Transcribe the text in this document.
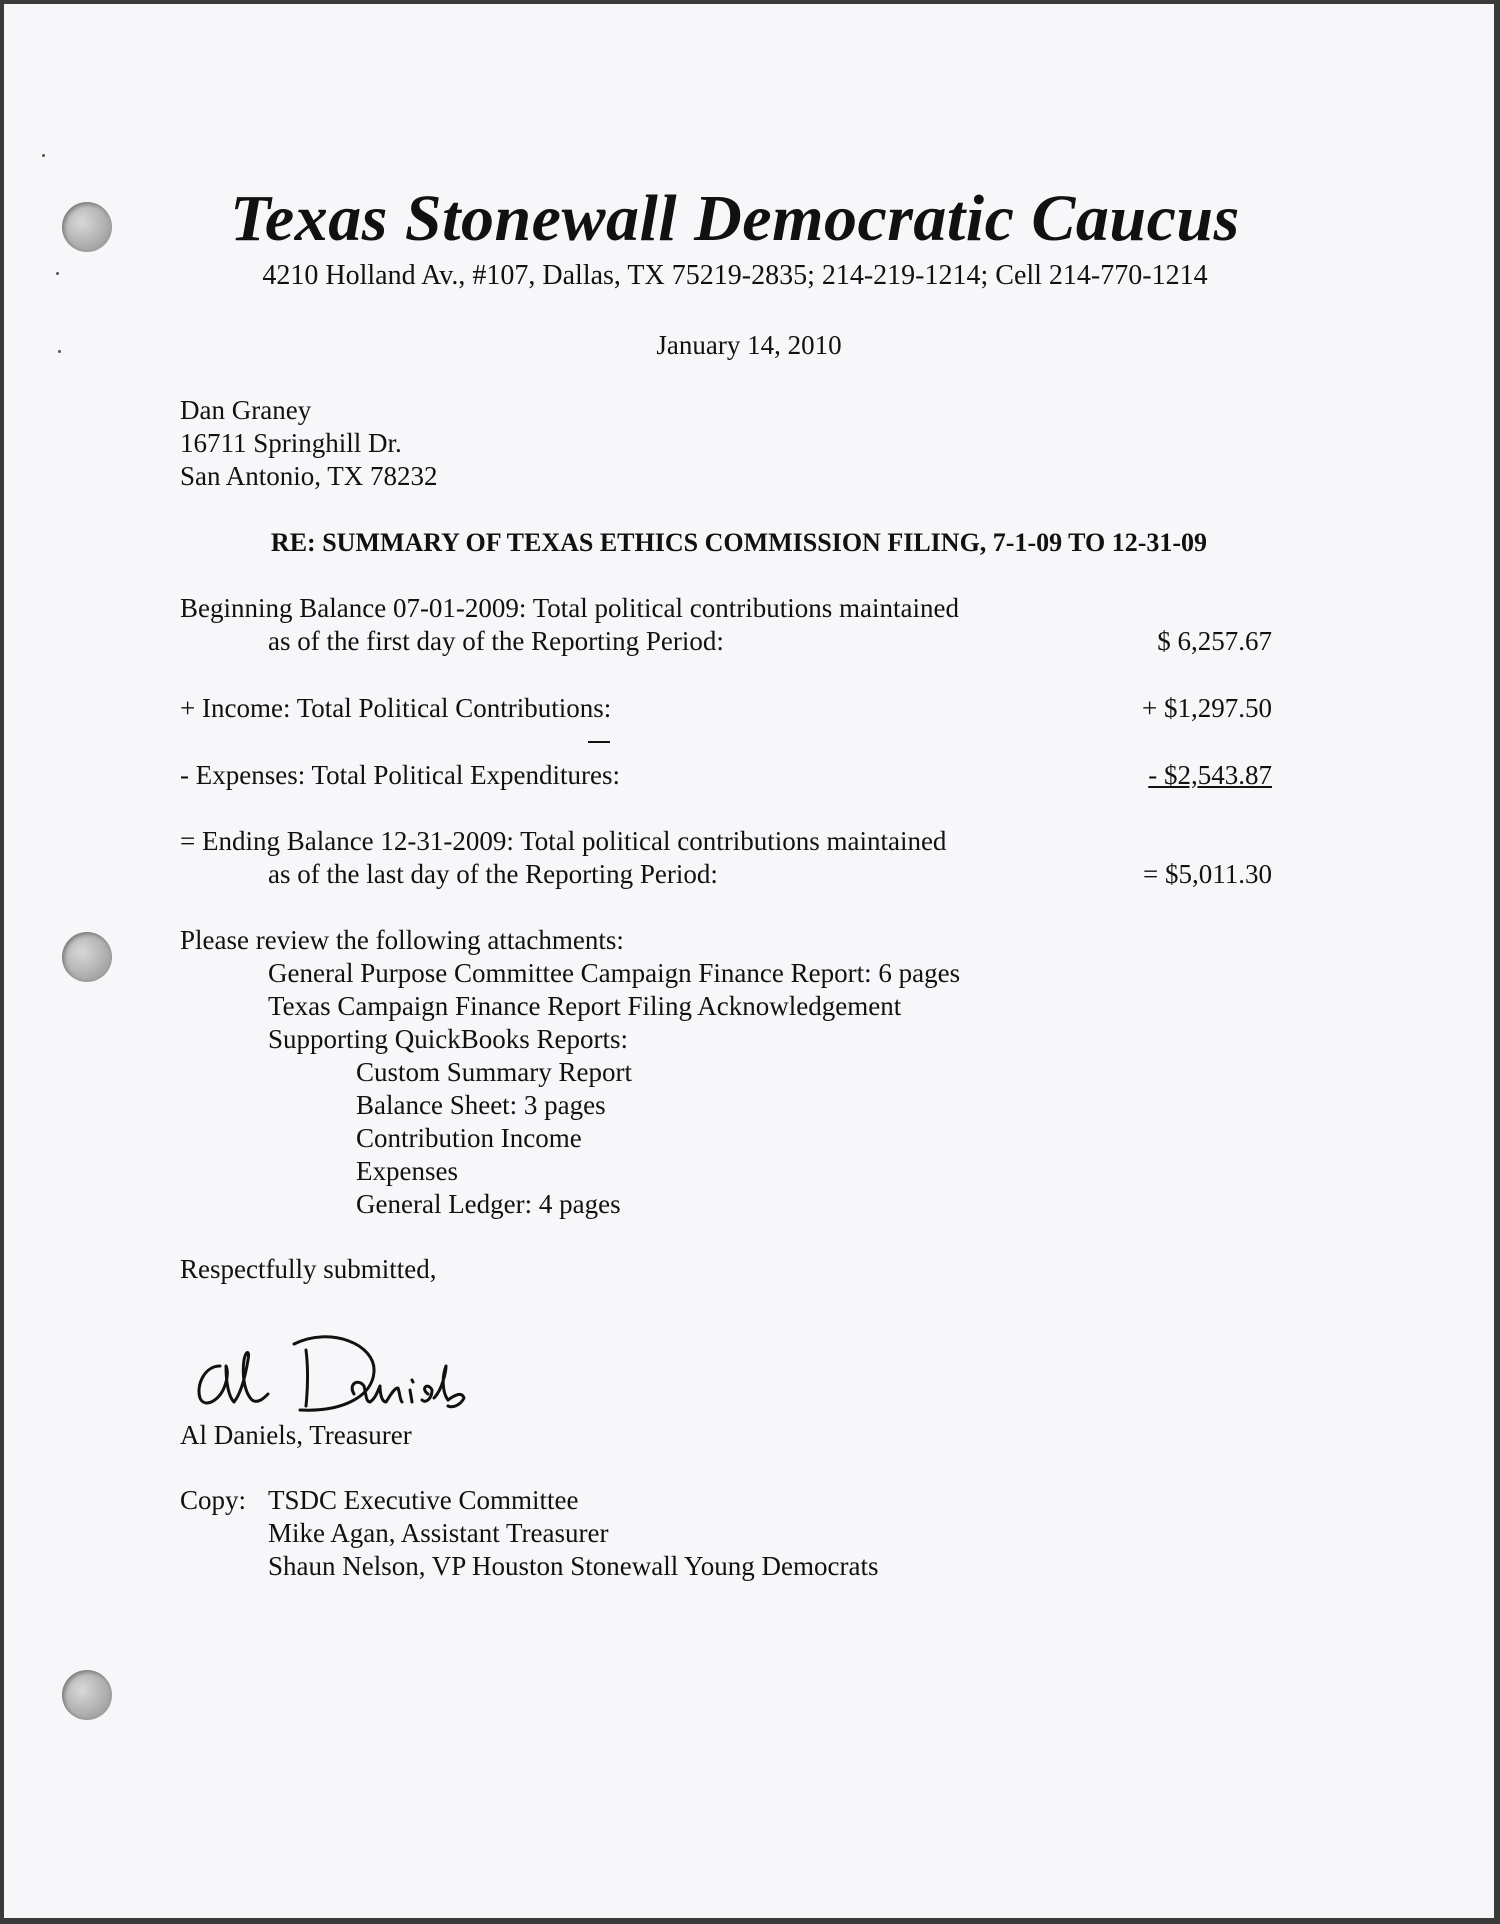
Texas Stonewall Democratic Caucus
4210 Holland Av., #107, Dallas, TX 75219-2835; 214-219-1214; Cell 214-770-1214
January 14, 2010
Dan Graney
16711 Springhill Dr.
San Antonio, TX 78232
RE: SUMMARY OF TEXAS ETHICS COMMISSION FILING, 7-1-09 TO 12-31-09
Beginning Balance 07-01-2009: Total political contributions maintained
as of the first day of the Reporting Period:	$ 6,257.67
+ Income: Total Political Contributions:	+ $1,297.50
- Expenses: Total Political Expenditures:	- $2,543.87
= Ending Balance 12-31-2009: Total political contributions maintained
as of the last day of the Reporting Period:	= $5,011.30
Please review the following attachments:
General Purpose Committee Campaign Finance Report: 6 pages
Texas Campaign Finance Report Filing Acknowledgement
Supporting QuickBooks Reports:
Custom Summary Report
Balance Sheet: 3 pages
Contribution Income
Expenses
General Ledger: 4 pages
Respectfully submitted,
Al Daniels, Treasurer
Copy: TSDC Executive Committee
Mike Agan, Assistant Treasurer
Shaun Nelson, VP Houston Stonewall Young Democrats
